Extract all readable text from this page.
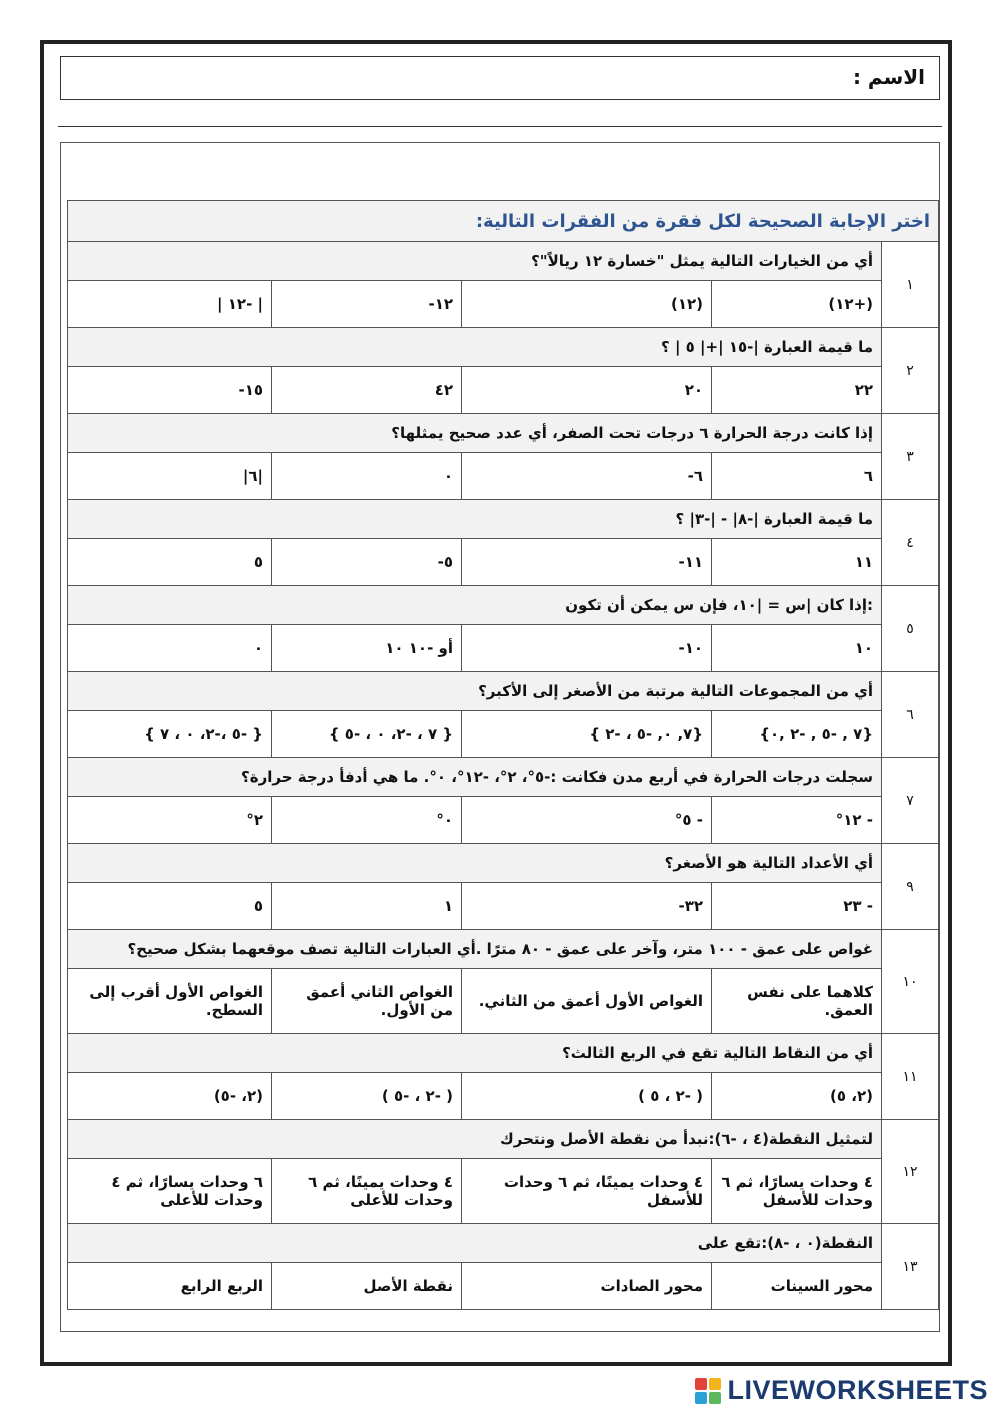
الاسم :
اختر الإجابة الصحيحة لكل فقرة من الفقرات التالية:				
١	أي من الخيارات التالية يمثل "خسارة ١٢ ريالاً"؟			
	(+١٢)	(١٢)	١٢-	| -١٢ |
٢	ما قيمة العبارة |-١٥ |+| ٥ | ؟			
	٢٢	٢٠	٤٢	١٥-
٣	إذا كانت درجة الحرارة ٦ درجات تحت الصفر، أي عدد صحيح يمثلها؟			
	٦	٦-	٠	|٦|
٤	ما قيمة العبارة |-٨| - |-٣| ؟			
	١١	١١-	٥-	٥
٥	:إذا كان |س = |١٠، فإن س يمكن أن تكون			
	١٠	١٠-	أو -١٠ ١٠	٠
٦	أي من المجموعات التالية مرتبة من الأصغر إلى الأكبر؟			
	{٧ , -٥ , -٢ ,٠}	{٧, ٠, -٥ ، -٢ }	{ ٧ ، -٢، ٠ ، -٥ }	{ -٥ ،-٢، ٠ ، ٧ }
٧	سجلت درجات الحرارة في أربع مدن فكانت :-٥°، ٢°، -١٢°، ٠°. ما هي أدفأ درجة حرارة؟			
	- ١٢°	- ٥°	٠°	٢°
٩	أي الأعداد التالية هو الأصغر؟			
	- ٢٣	٣٢-	١	٥
١٠	غواص على عمق - ١٠٠ متر، وآخر على عمق - ٨٠ مترًا .أي العبارات التالية تصف موقعهما بشكل صحيح؟			
	كلاهما على نفس العمق.	الغواص الأول أعمق من الثاني.	الغواص الثاني أعمق من الأول.	الغواص الأول أقرب إلى السطح.
١١	أي من النقاط التالية تقع في الربع الثالث؟			
	(٢، ٥)	( -٢ ، ٥ )	( -٢ ، -٥ )	(٢، -٥)
١٢	لتمثيل النقطة(٤ ، -٦):نبدأ من نقطة الأصل ونتحرك			
	٤ وحدات يسارًا، ثم ٦ وحدات للأسفل	٤ وحدات يمينًا، ثم ٦ وحدات للأسفل	٤ وحدات يمينًا، ثم ٦ وحدات للأعلى	٦ وحدات يسارًا، ثم ٤ وحدات للأعلى
١٣	النقطة(٠ ، -٨):تقع على			
	محور السينات	محور الصادات	نقطة الأصل	الربع الرابع
LIVEWORKSHEETS
